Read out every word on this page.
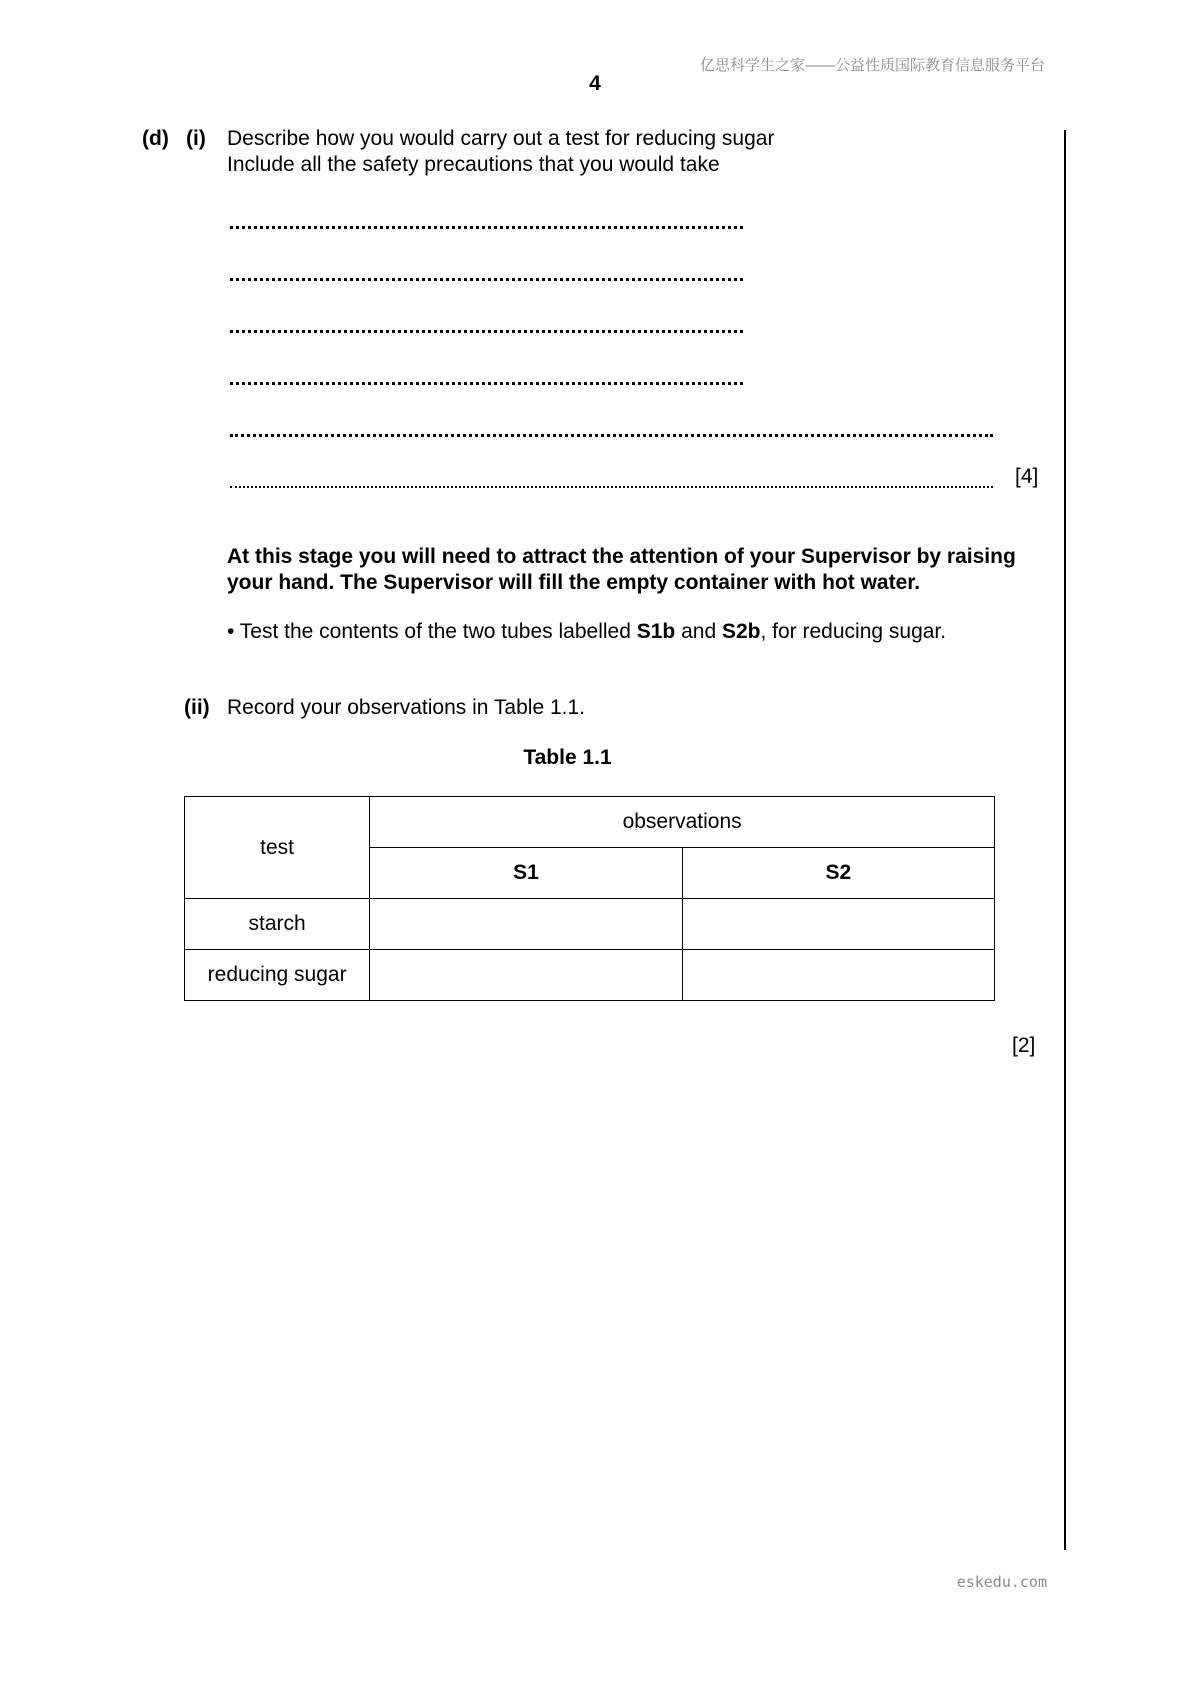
亿思科学生之家——公益性质国际教育信息服务平台
4
(d) (i) Describe how you would carry out a test for reducing sugar
Include all the safety precautions that you would take
[4]
At this stage you will need to attract the attention of your Supervisor by raising your hand. The Supervisor will fill the empty container with hot water.
• Test the contents of the two tubes labelled S1b and S2b, for reducing sugar.
(ii) Record your observations in Table 1.1.
Table 1.1
test	observations	
	S1	S2
starch		
reducing sugar		
[2]
eskedu.com
